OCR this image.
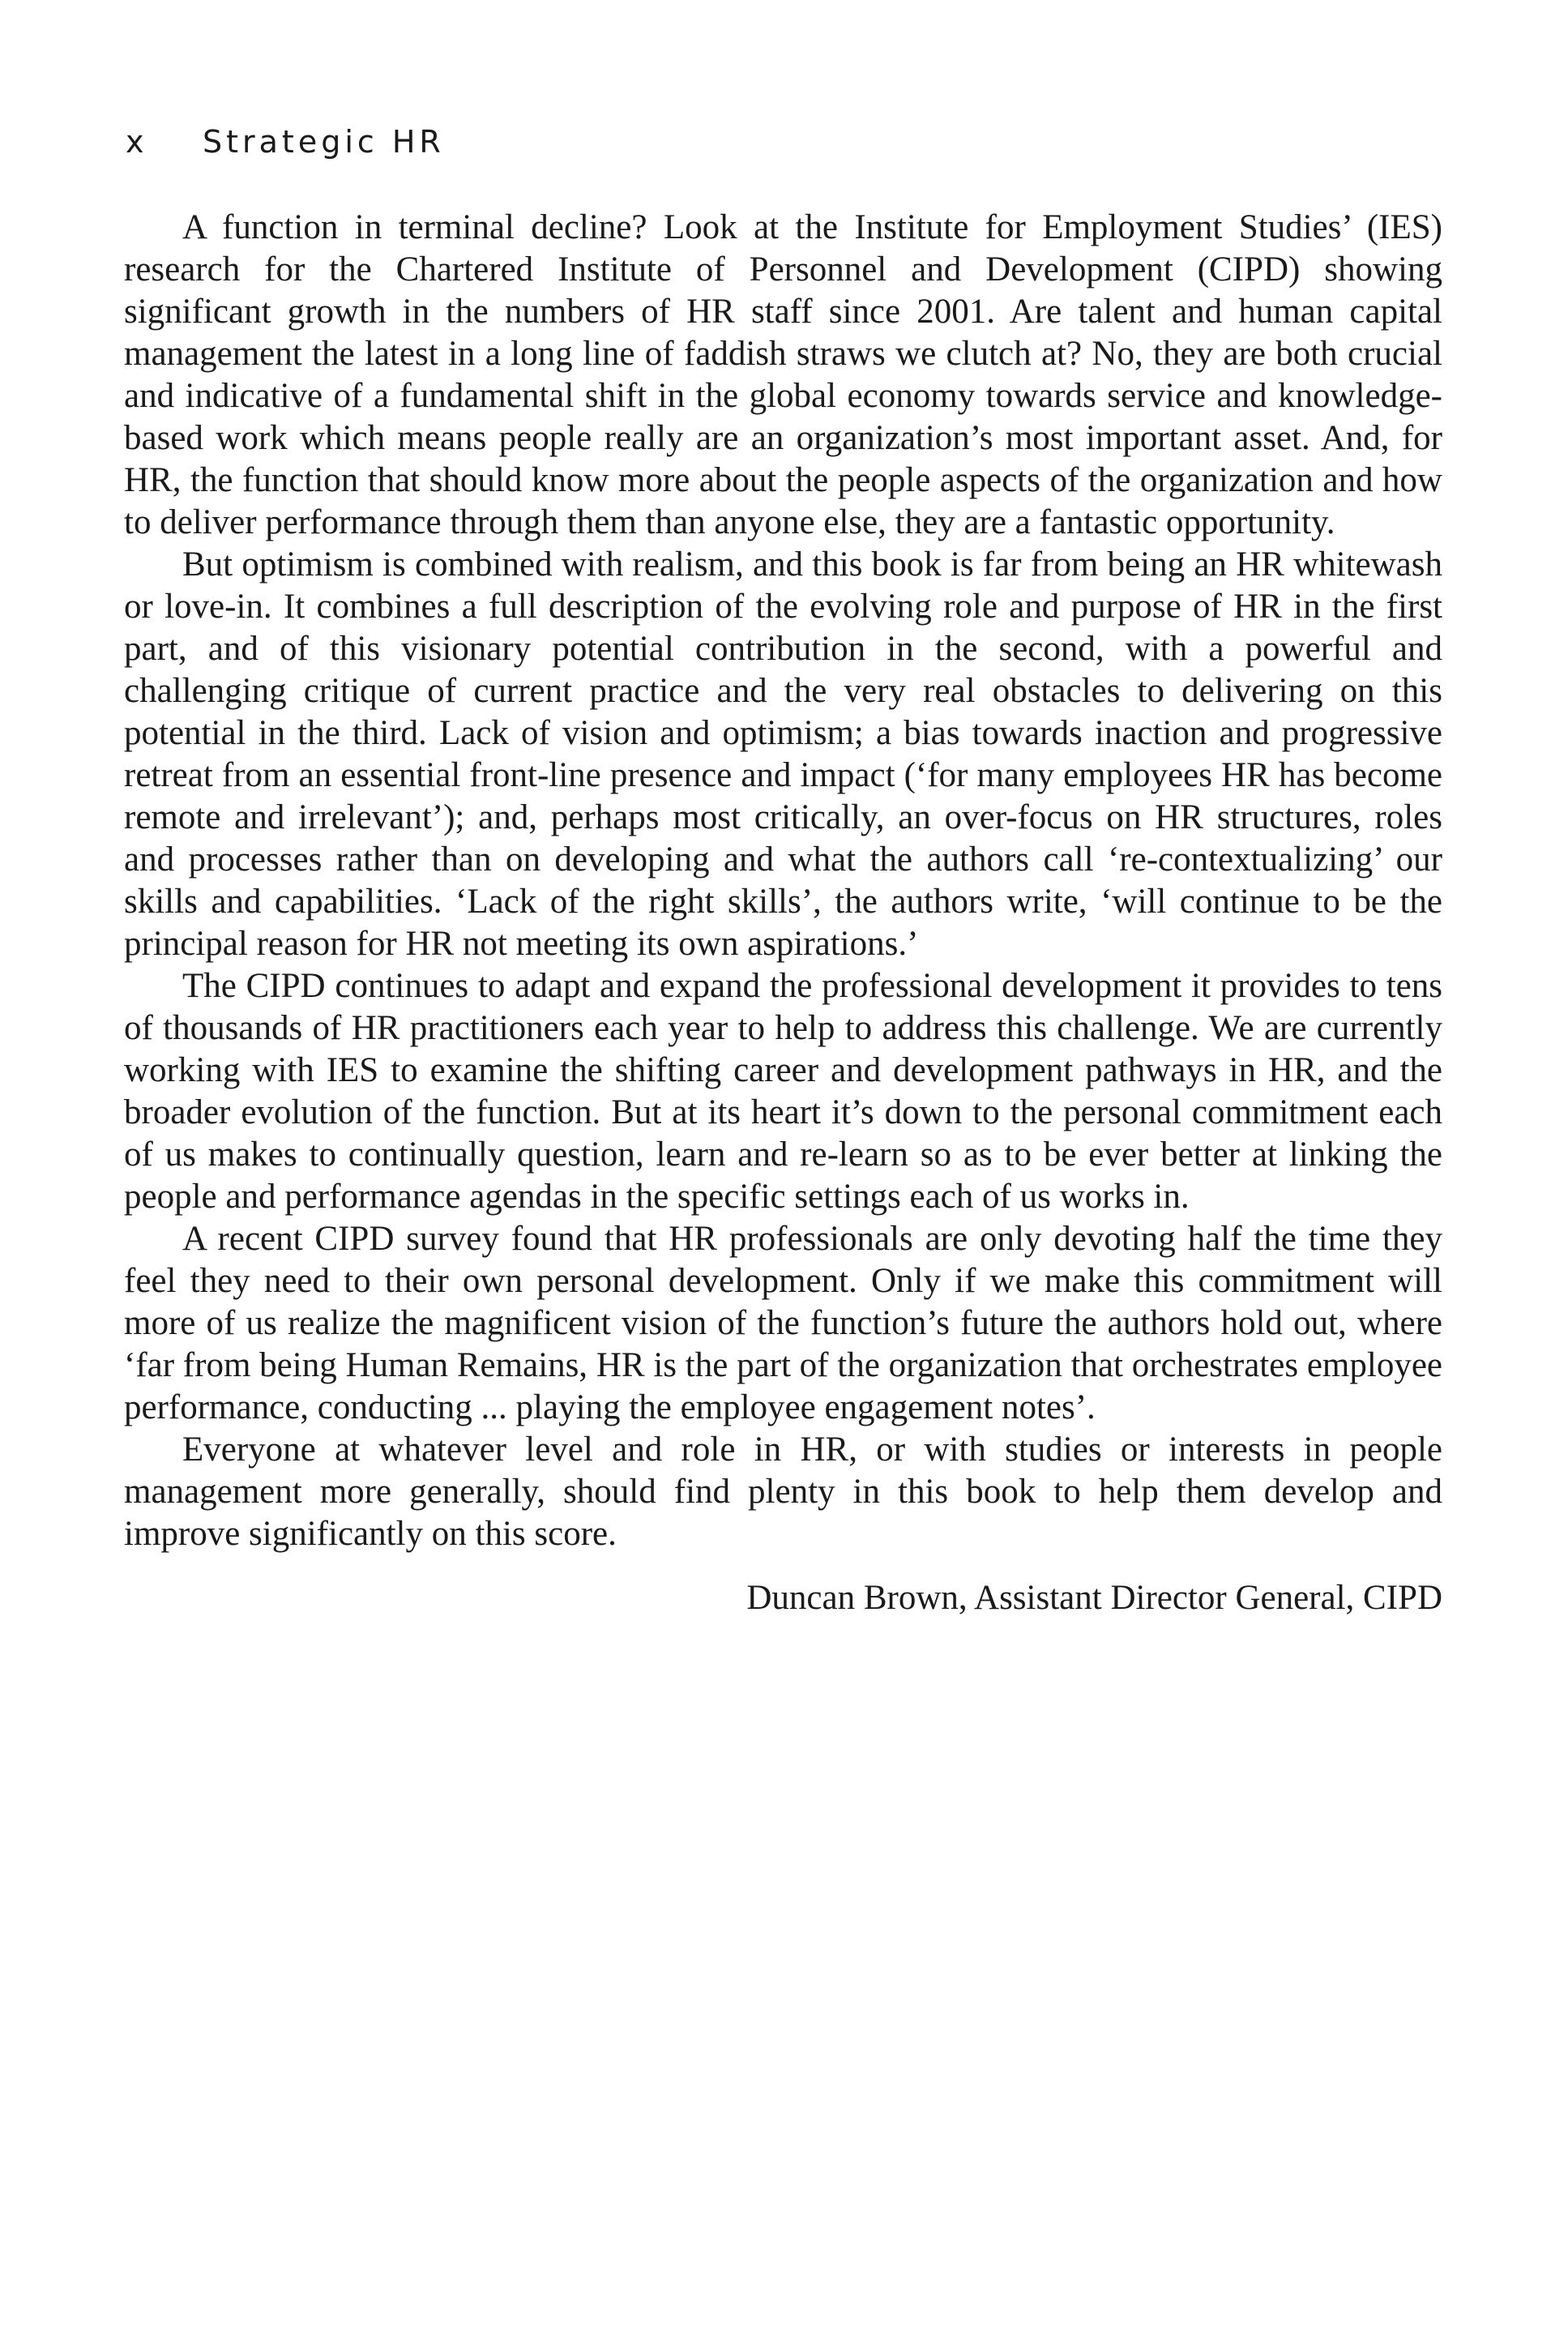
x Strategic HR

A function in terminal decline? Look at the Institute for Employment Studies’ (IES) research for the Chartered Institute of Personnel and Development (CIPD) showing significant growth in the numbers of HR staff since 2001. Are talent and human capital management the latest in a long line of faddish straws we clutch at? No, they are both crucial and indicative of a fundamental shift in the global economy towards service and knowledge-based work which means people really are an organization’s most important asset. And, for HR, the function that should know more about the people aspects of the organization and how to deliver performance through them than anyone else, they are a fantastic opportunity.

But optimism is combined with realism, and this book is far from being an HR whitewash or love-in. It combines a full description of the evolving role and purpose of HR in the first part, and of this visionary potential contribution in the second, with a powerful and challenging critique of current practice and the very real obstacles to delivering on this potential in the third. Lack of vision and optimism; a bias towards inaction and progressive retreat from an essential front-line presence and impact (‘for many employees HR has become remote and irrelevant’); and, perhaps most critically, an over-focus on HR structures, roles and processes rather than on developing and what the authors call ‘re-contextualizing’ our skills and capabilities. ‘Lack of the right skills’, the authors write, ‘will continue to be the principal reason for HR not meeting its own aspirations.’

The CIPD continues to adapt and expand the professional development it provides to tens of thousands of HR practitioners each year to help to address this challenge. We are currently working with IES to examine the shifting career and development pathways in HR, and the broader evolution of the function. But at its heart it’s down to the personal commitment each of us makes to continually question, learn and re-learn so as to be ever better at linking the people and performance agendas in the specific settings each of us works in.

A recent CIPD survey found that HR professionals are only devoting half the time they feel they need to their own personal development. Only if we make this commitment will more of us realize the magnificent vision of the function’s future the authors hold out, where ‘far from being Human Remains, HR is the part of the organization that orchestrates employee performance, conducting ... playing the employee engagement notes’.

Everyone at whatever level and role in HR, or with studies or interests in people management more generally, should find plenty in this book to help them develop and improve significantly on this score.

Duncan Brown, Assistant Director General, CIPD
